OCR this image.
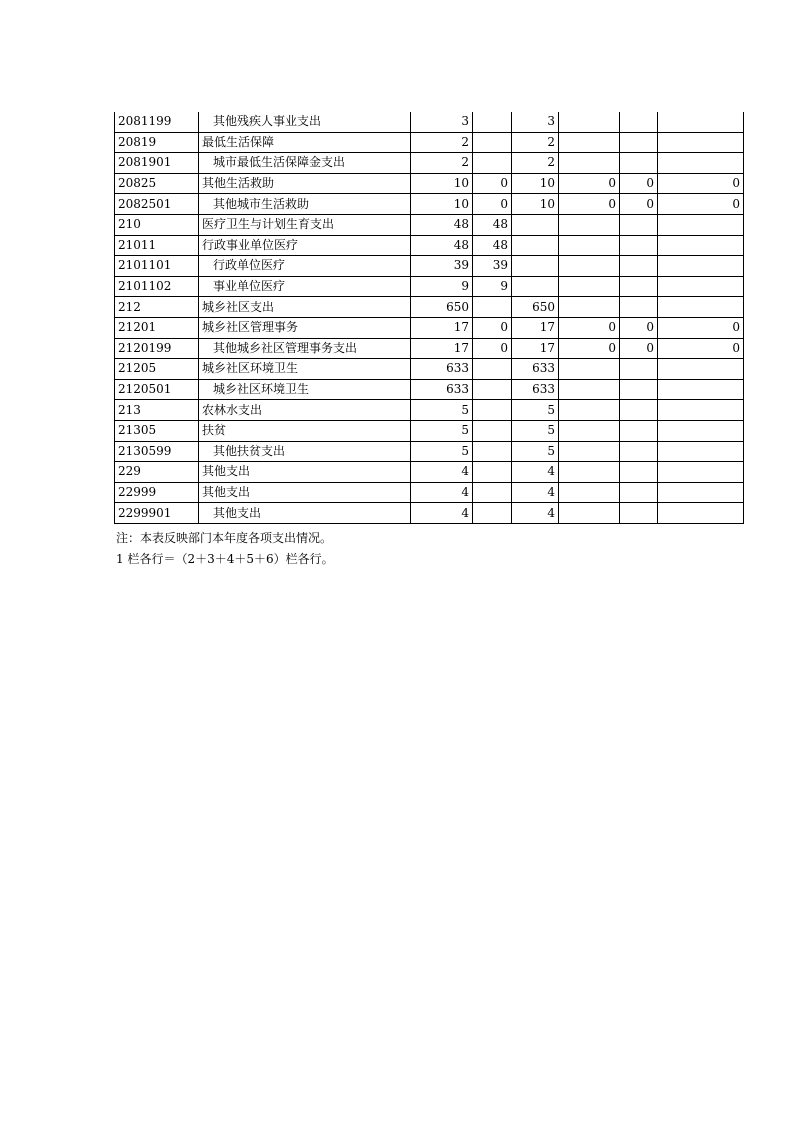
2081199	其他残疾人事业支出	3		3			
20819	最低生活保障	2		2			
2081901	城市最低生活保障金支出	2		2			
20825	其他生活救助	10	0	10	0	0	0
2082501	其他城市生活救助	10	0	10	0	0	0
210	医疗卫生与计划生育支出	48	48				
21011	行政事业单位医疗	48	48				
2101101	行政单位医疗	39	39				
2101102	事业单位医疗	9	9				
212	城乡社区支出	650		650			
21201	城乡社区管理事务	17	0	17	0	0	0
2120199	其他城乡社区管理事务支出	17	0	17	0	0	0
21205	城乡社区环境卫生	633		633			
2120501	城乡社区环境卫生	633		633			
213	农林水支出	5		5			
21305	扶贫	5		5			
2130599	其他扶贫支出	5		5			
229	其他支出	4		4			
22999	其他支出	4		4			
2299901	其他支出	4		4			
注：本表反映部门本年度各项支出情况。
1 栏各行＝（2＋3＋4＋5＋6）栏各行。
